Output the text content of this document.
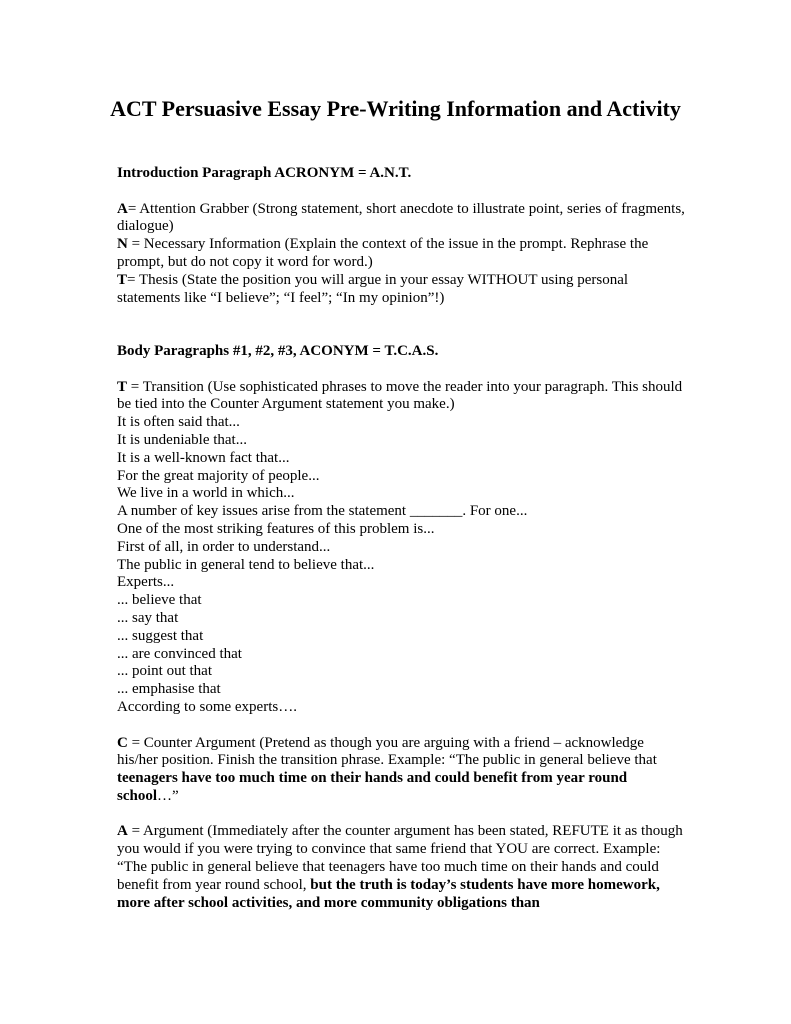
ACT Persuasive Essay Pre-Writing Information and Activity

Introduction Paragraph ACRONYM = A.N.T.

A= Attention Grabber (Strong statement, short anecdote to illustrate point, series of fragments, dialogue)

N = Necessary Information (Explain the context of the issue in the prompt. Rephrase the prompt, but do not copy it word for word.)

T= Thesis (State the position you will argue in your essay WITHOUT using personal statements like “I believe”; “I feel”; “In my opinion”!)

Body Paragraphs #1, #2, #3, ACONYM = T.C.A.S.

T = Transition (Use sophisticated phrases to move the reader into your paragraph. This should be tied into the Counter Argument statement you make.)

It is often said that...

It is undeniable that...

It is a well-known fact that...

For the great majority of people...

We live in a world in which...

A number of key issues arise from the statement _______. For one...

One of the most striking features of this problem is...

First of all, in order to understand...

The public in general tend to believe that...

Experts...

... believe that

... say that

... suggest that

... are convinced that

... point out that

... emphasise that

According to some experts….

C = Counter Argument (Pretend as though you are arguing with a friend – acknowledge his/her position. Finish the transition phrase. Example: “The public in general believe that teenagers have too much time on their hands and could benefit from year round school…”

A = Argument (Immediately after the counter argument has been stated, REFUTE it as though you would if you were trying to convince that same friend that YOU are correct. Example: “The public in general believe that teenagers have too much time on their hands and could benefit from year round school, but the truth is today’s students have more homework, more after school activities, and more community obligations than
